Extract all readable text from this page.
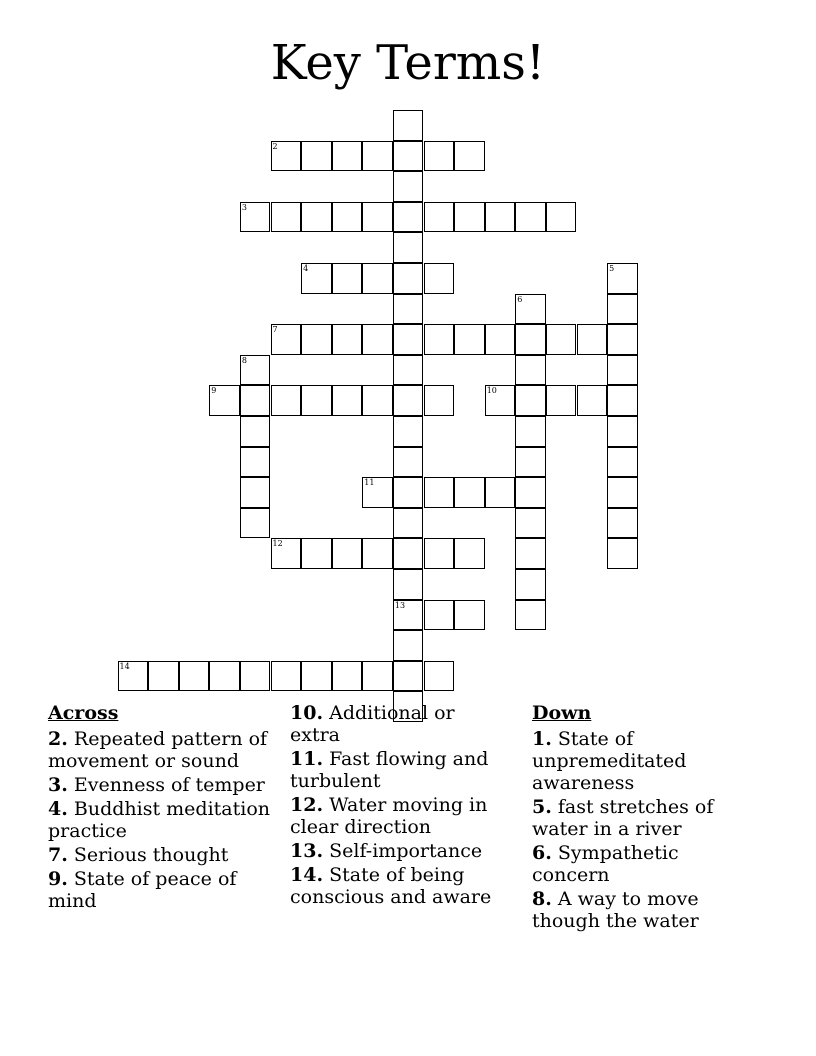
Key Terms!
13
2
3
4	5
6
7
8
9	10
11
12
14
Across
2. Repeated pattern of movement or sound
3. Evenness of temper
4. Buddhist meditation practice
7. Serious thought
9. State of peace of mind
10. Additional or extra
11. Fast flowing and turbulent
12. Water moving in clear direction
13. Self-importance
14. State of being conscious and aware
Down
1. State of unpremeditated awareness
5. fast stretches of water in a river
6. Sympathetic concern
8. A way to move though the water
